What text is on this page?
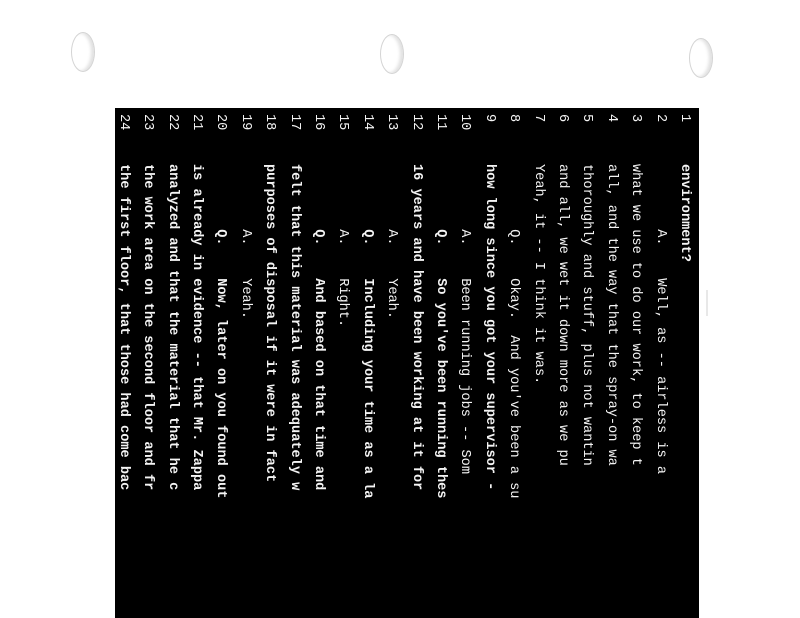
1
environment?
2
A.    Well, as -- airless is a
3
what we use to do our work, to keep t
4
all, and the way that the spray-on wa
5
thoroughly and stuff, plus not wantin
6
and all, we wet it down more as we pu
7
Yeah, it -- I think it was.
8
Q.    Okay.  And you've been a su
9
how long since you got your supervisor -
10
A.    Been running jobs -- Som
11
Q.    So you've been running thes
12
16 years and have been working at it for
13
A.    Yeah.
14
Q.    Including your time as a la
15
A.    Right.
16
Q.    And based on that time and
17
felt that this material was adequately w
18
purposes of disposal if it were in fact
19
A.    Yeah.
20
Q.    Now, later on you found out
21
is already in evidence -- that Mr. Zappa
22
analyzed and that the material that he c
23
the work area on the second floor and fr
24
the first floor, that those had come bac
